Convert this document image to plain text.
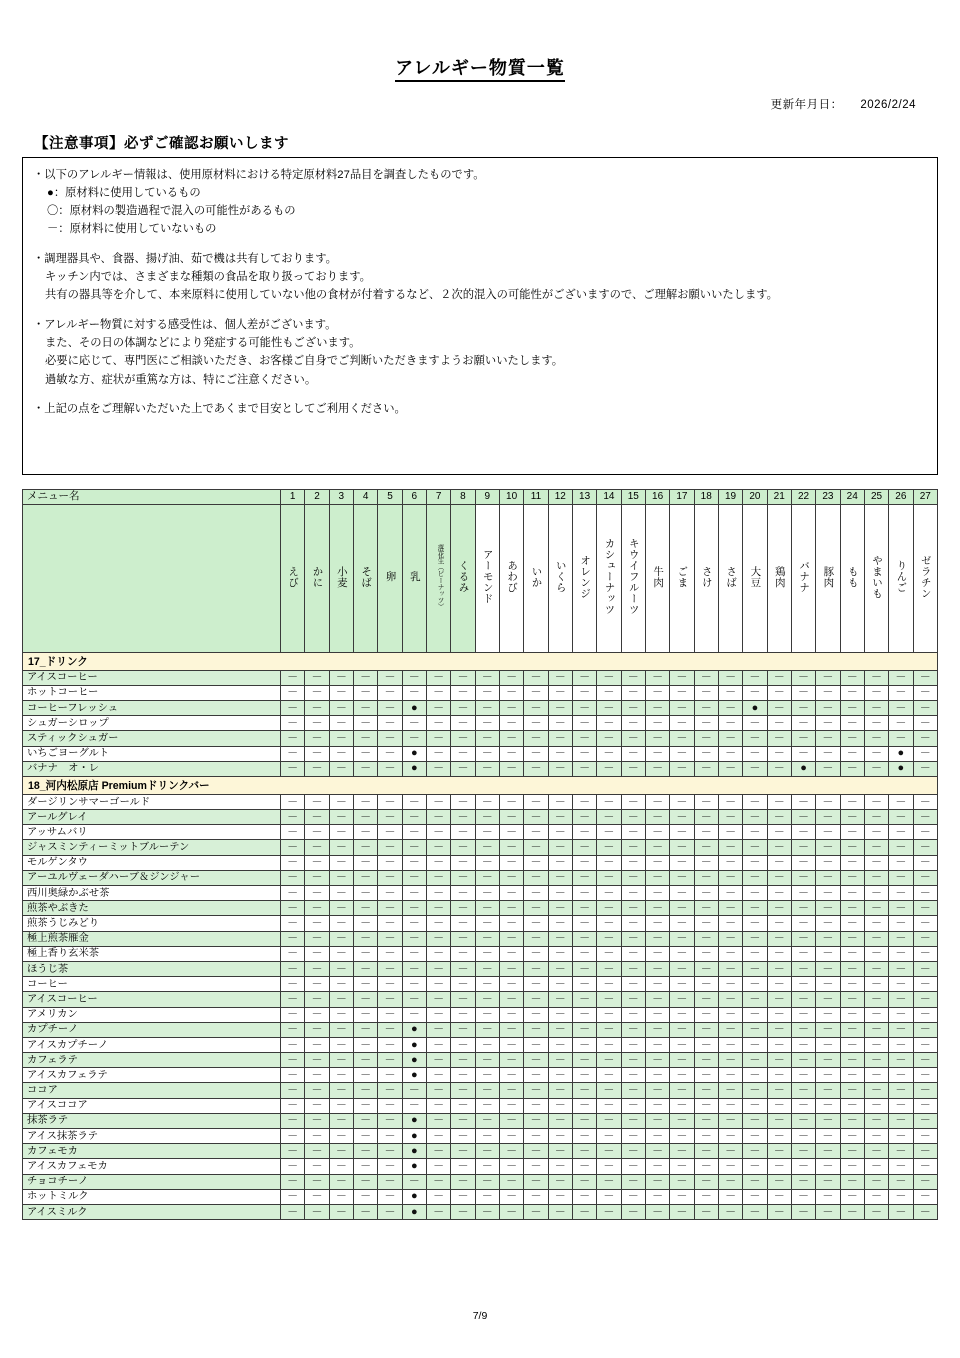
アレルギー物質一覧
更新年月日： 2026/2/24
【注意事項】必ずご確認お願いします

・以下のアレルギー情報は、使用原材料における特定原材料27品目を調査したものです。

●：原材料に使用しているもの

〇：原材料の製造過程で混入の可能性があるもの

－：原材料に使用していないもの

・調理器具や、食器、揚げ油、茹で機は共有しております。

キッチン内では、さまざまな種類の食品を取り扱っております。

共有の器具等を介して、本来原料に使用していない他の食材が付着するなど、２次的混入の可能性がございますので、ご理解お願いいたします。

・アレルギー物質に対する感受性は、個人差がございます。

また、その日の体調などにより発症する可能性もございます。

必要に応じて、専門医にご相談いただき、お客様ご自身でご判断いただきますようお願いいたします。

過敏な方、症状が重篤な方は、特にご注意ください。

・上記の点をご理解いただいた上であくまで目安としてご利用ください。

メニュー名	1	2	3	4	5	6	7	8	9	10	11	12	13	14	15	16	17	18	19	20	21	22	23	24	25	26	27
	えび	かに	小麦	そば	卵	乳	落花生（ピーナッツ）	くるみ	アーモンド	あわび	いか	いくら	オレンジ	カシューナッツ	キウイフルーツ	牛肉	ごま	さけ	さば	大豆	鶏肉	バナナ	豚肉	もも	やまいも	りんご	ゼラチン
17_ドリンク																											
アイスコーヒー	－	－	－	－	－	－	－	－	－	－	－	－	－	－	－	－	－	－	－	－	－	－	－	－	－	－	－

ホットコーヒー	－	－	－	－	－	－	－	－	－	－	－	－	－	－	－	－	－	－	－	－	－	－	－	－	－	－	－

コーヒーフレッシュ	－	－	－	－	－	●	－	－	－	－	－	－	－	－	－	－	－	－	－	●	－	－	－	－	－	－	－

シュガーシロップ	－	－	－	－	－	－	－	－	－	－	－	－	－	－	－	－	－	－	－	－	－	－	－	－	－	－	－

スティックシュガー	－	－	－	－	－	－	－	－	－	－	－	－	－	－	－	－	－	－	－	－	－	－	－	－	－	－	－

いちごヨーグルト	－	－	－	－	－	●	－	－	－	－	－	－	－	－	－	－	－	－	－	－	－	－	－	－	－	●	－

バナナ　オ・レ	－	－	－	－	－	●	－	－	－	－	－	－	－	－	－	－	－	－	－	－	－	●	－	－	－	●	－

18_河内松原店 Premiumドリンクバー																											
ダージリンサマーゴールド	－	－	－	－	－	－	－	－	－	－	－	－	－	－	－	－	－	－	－	－	－	－	－	－	－	－	－

アールグレイ	－	－	－	－	－	－	－	－	－	－	－	－	－	－	－	－	－	－	－	－	－	－	－	－	－	－	－

アッサムバリ	－	－	－	－	－	－	－	－	－	－	－	－	－	－	－	－	－	－	－	－	－	－	－	－	－	－	－

ジャスミンティーミットブルーテン	－	－	－	－	－	－	－	－	－	－	－	－	－	－	－	－	－	－	－	－	－	－	－	－	－	－	－

モルゲンタウ	－	－	－	－	－	－	－	－	－	－	－	－	－	－	－	－	－	－	－	－	－	－	－	－	－	－	－

アーユルヴェーダハーブ＆ジンジャー	－	－	－	－	－	－	－	－	－	－	－	－	－	－	－	－	－	－	－	－	－	－	－	－	－	－	－

西川奥緑かぶせ茶	－	－	－	－	－	－	－	－	－	－	－	－	－	－	－	－	－	－	－	－	－	－	－	－	－	－	－

煎茶やぶきた	－	－	－	－	－	－	－	－	－	－	－	－	－	－	－	－	－	－	－	－	－	－	－	－	－	－	－

煎茶うじみどり	－	－	－	－	－	－	－	－	－	－	－	－	－	－	－	－	－	－	－	－	－	－	－	－	－	－	－

極上煎茶雁金	－	－	－	－	－	－	－	－	－	－	－	－	－	－	－	－	－	－	－	－	－	－	－	－	－	－	－

極上香り玄米茶	－	－	－	－	－	－	－	－	－	－	－	－	－	－	－	－	－	－	－	－	－	－	－	－	－	－	－

ほうじ茶	－	－	－	－	－	－	－	－	－	－	－	－	－	－	－	－	－	－	－	－	－	－	－	－	－	－	－

コーヒー	－	－	－	－	－	－	－	－	－	－	－	－	－	－	－	－	－	－	－	－	－	－	－	－	－	－	－

アイスコーヒー	－	－	－	－	－	－	－	－	－	－	－	－	－	－	－	－	－	－	－	－	－	－	－	－	－	－	－

アメリカン	－	－	－	－	－	－	－	－	－	－	－	－	－	－	－	－	－	－	－	－	－	－	－	－	－	－	－

カプチーノ	－	－	－	－	－	●	－	－	－	－	－	－	－	－	－	－	－	－	－	－	－	－	－	－	－	－	－

アイスカプチーノ	－	－	－	－	－	●	－	－	－	－	－	－	－	－	－	－	－	－	－	－	－	－	－	－	－	－	－

カフェラテ	－	－	－	－	－	●	－	－	－	－	－	－	－	－	－	－	－	－	－	－	－	－	－	－	－	－	－

アイスカフェラテ	－	－	－	－	－	●	－	－	－	－	－	－	－	－	－	－	－	－	－	－	－	－	－	－	－	－	－

ココア	－	－	－	－	－	－	－	－	－	－	－	－	－	－	－	－	－	－	－	－	－	－	－	－	－	－	－

アイスココア	－	－	－	－	－	－	－	－	－	－	－	－	－	－	－	－	－	－	－	－	－	－	－	－	－	－	－

抹茶ラテ	－	－	－	－	－	●	－	－	－	－	－	－	－	－	－	－	－	－	－	－	－	－	－	－	－	－	－

アイス抹茶ラテ	－	－	－	－	－	●	－	－	－	－	－	－	－	－	－	－	－	－	－	－	－	－	－	－	－	－	－

カフェモカ	－	－	－	－	－	●	－	－	－	－	－	－	－	－	－	－	－	－	－	－	－	－	－	－	－	－	－

アイスカフェモカ	－	－	－	－	－	●	－	－	－	－	－	－	－	－	－	－	－	－	－	－	－	－	－	－	－	－	－

チョコチーノ	－	－	－	－	－	－	－	－	－	－	－	－	－	－	－	－	－	－	－	－	－	－	－	－	－	－	－

ホットミルク	－	－	－	－	－	●	－	－	－	－	－	－	－	－	－	－	－	－	－	－	－	－	－	－	－	－	－

アイスミルク	－	－	－	－	－	●	－	－	－	－	－	－	－	－	－	－	－	－	－	－	－	－	－	－	－	－	－
7/9
